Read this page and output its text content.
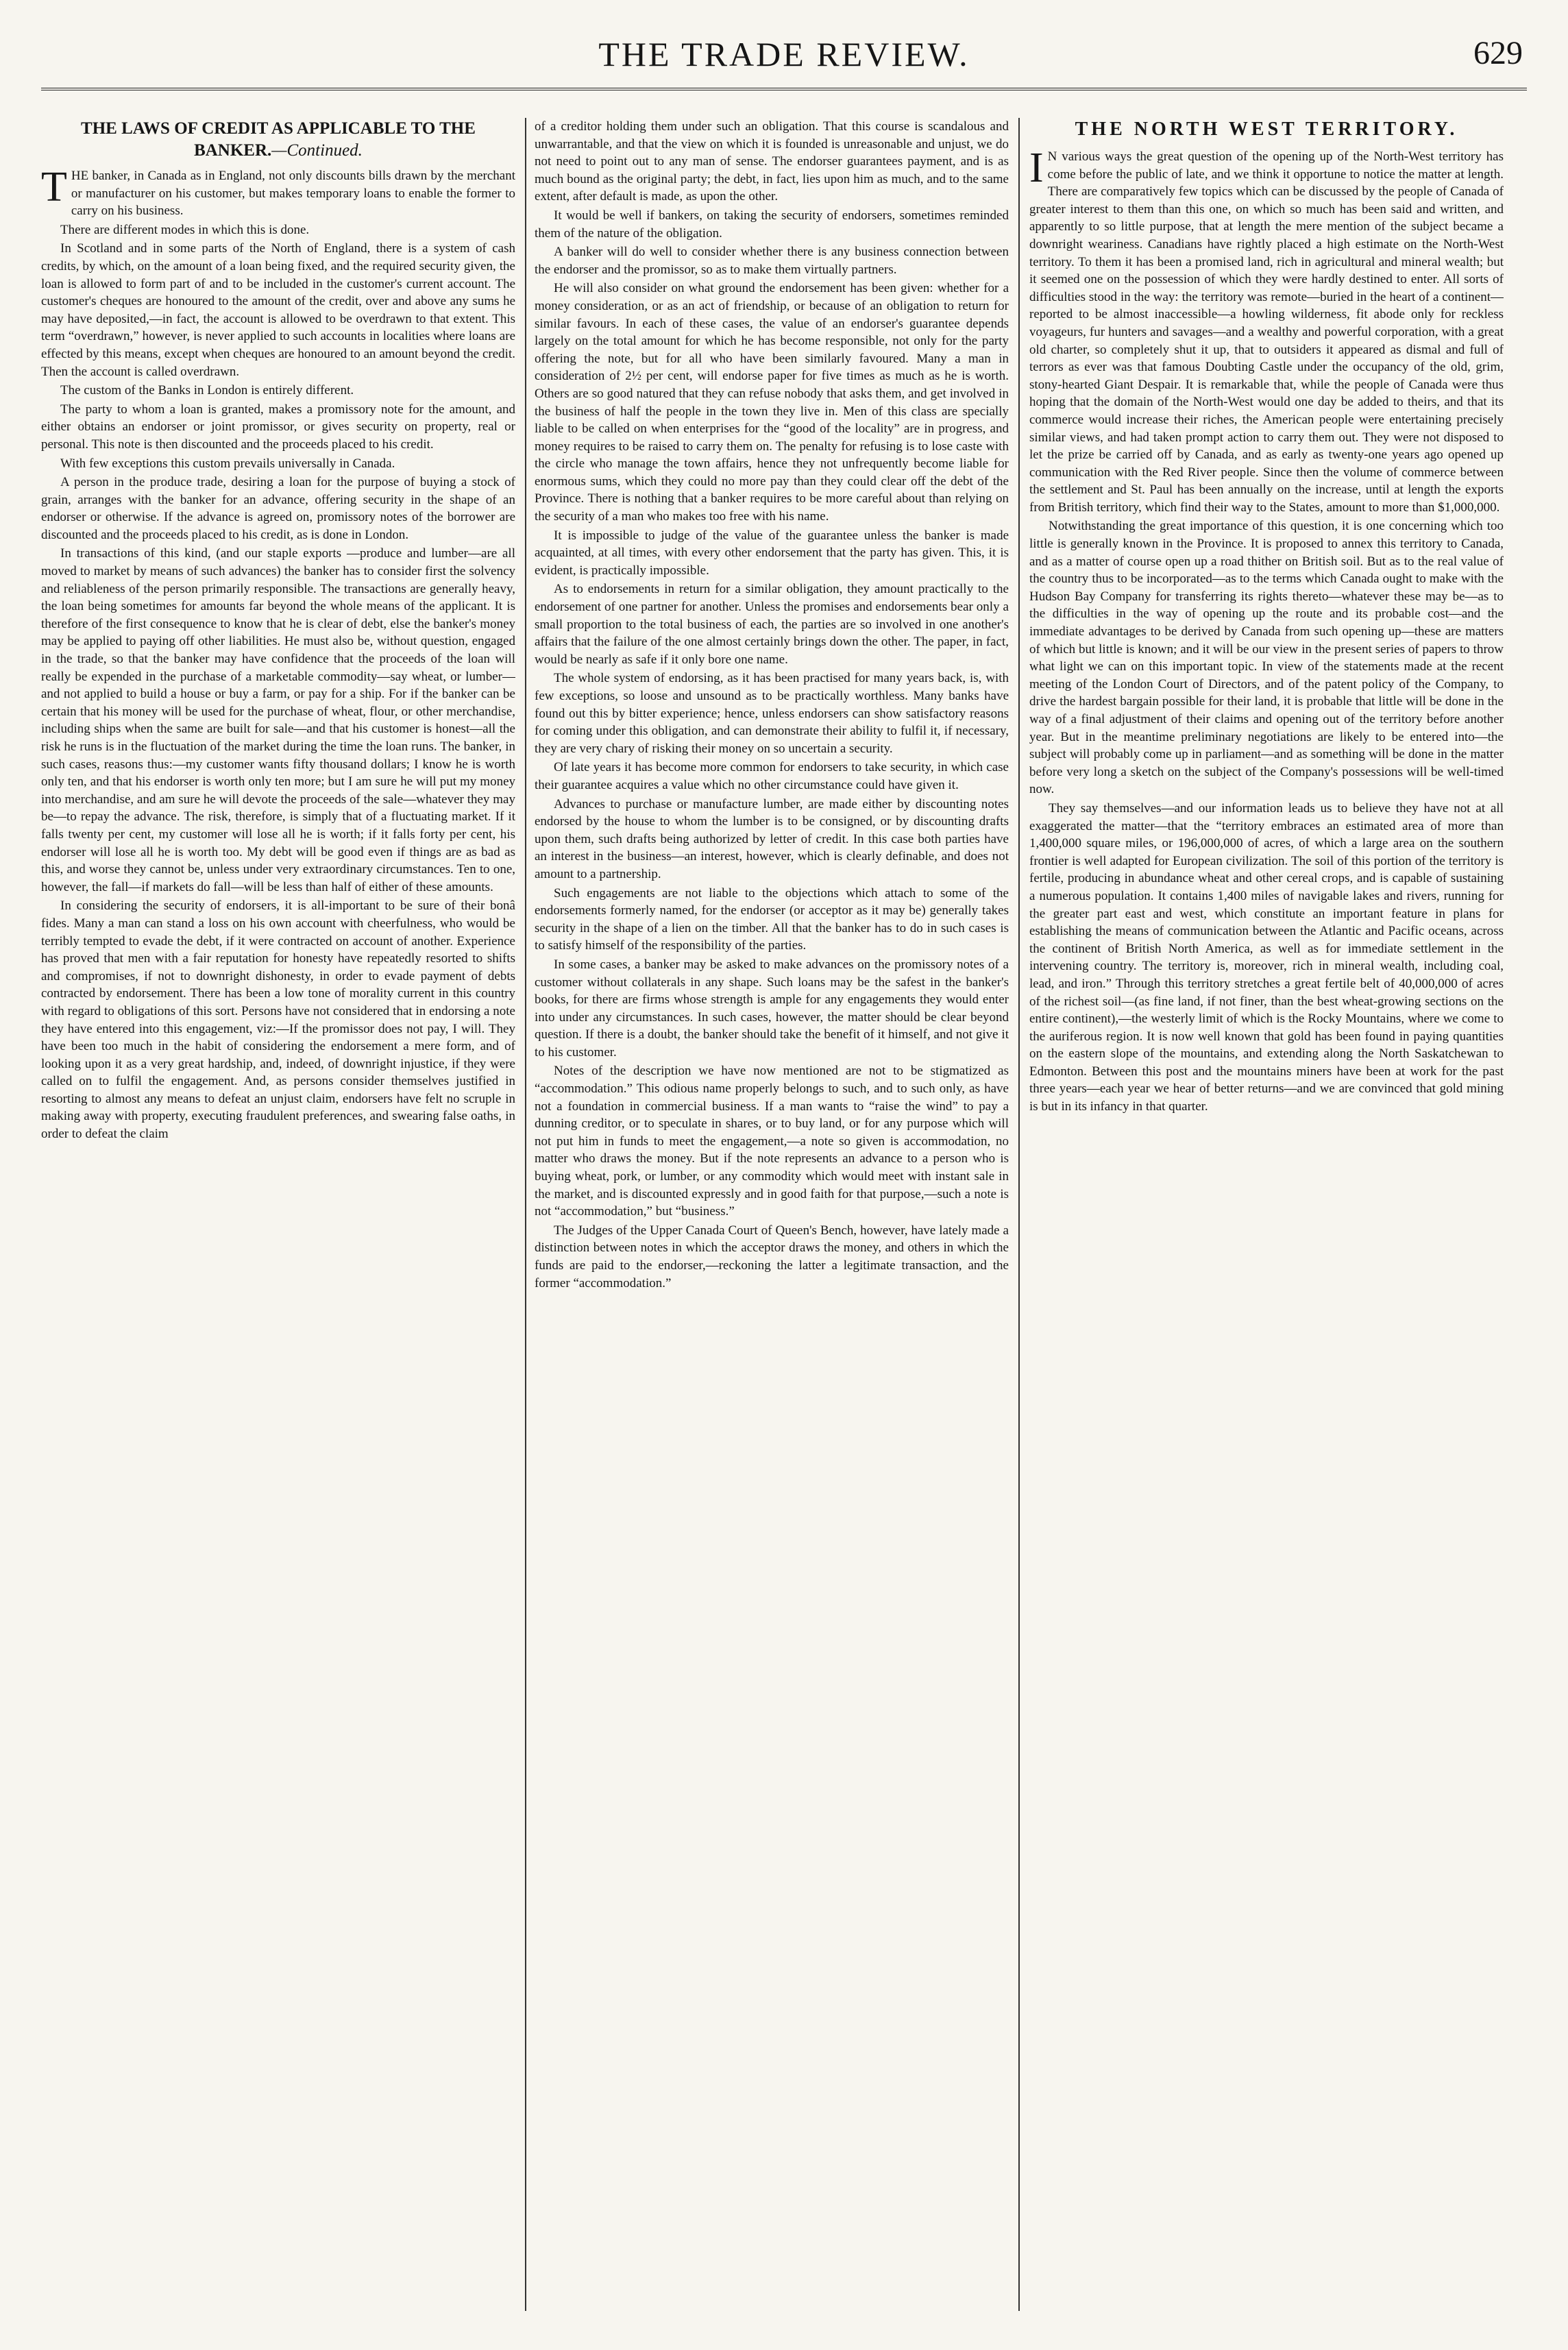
THE TRADE REVIEW.	629
THE LAWS OF CREDIT AS APPLICABLE TO THE BANKER.—Continued.

THE banker, in Canada as in England, not only discounts bills drawn by the merchant or manufacturer on his customer, but makes temporary loans to enable the former to carry on his business.

There are different modes in which this is done.

In Scotland and in some parts of the North of England, there is a system of cash credits, by which, on the amount of a loan being fixed, and the required security given, the loan is allowed to form part of and to be included in the customer's current account. The customer's cheques are honoured to the amount of the credit, over and above any sums he may have deposited,—in fact, the account is allowed to be overdrawn to that extent. This term “overdrawn,” however, is never applied to such accounts in localities where loans are effected by this means, except when cheques are honoured to an amount beyond the credit. Then the account is called overdrawn.

The custom of the Banks in London is entirely different.

The party to whom a loan is granted, makes a promissory note for the amount, and either obtains an endorser or joint promissor, or gives security on property, real or personal. This note is then discounted and the proceeds placed to his credit.

With few exceptions this custom prevails universally in Canada.

A person in the produce trade, desiring a loan for the purpose of buying a stock of grain, arranges with the banker for an advance, offering security in the shape of an endorser or otherwise. If the advance is agreed on, promissory notes of the borrower are discounted and the proceeds placed to his credit, as is done in London.

In transactions of this kind, (and our staple exports —produce and lumber—are all moved to market by means of such advances) the banker has to consider first the solvency and reliableness of the person primarily responsible. The transactions are generally heavy, the loan being sometimes for amounts far beyond the whole means of the applicant. It is therefore of the first consequence to know that he is clear of debt, else the banker's money may be applied to paying off other liabilities. He must also be, without question, engaged in the trade, so that the banker may have confidence that the proceeds of the loan will really be expended in the purchase of a marketable commodity—say wheat, or lumber—and not applied to build a house or buy a farm, or pay for a ship. For if the banker can be certain that his money will be used for the purchase of wheat, flour, or other merchandise, including ships when the same are built for sale—and that his customer is honest—all the risk he runs is in the fluctuation of the market during the time the loan runs. The banker, in such cases, reasons thus:—my customer wants fifty thousand dollars; I know he is worth only ten, and that his endorser is worth only ten more; but I am sure he will put my money into merchandise, and am sure he will devote the proceeds of the sale—whatever they may be—to repay the advance. The risk, therefore, is simply that of a fluctuating market. If it falls twenty per cent, my customer will lose all he is worth; if it falls forty per cent, his endorser will lose all he is worth too. My debt will be good even if things are as bad as this, and worse they cannot be, unless under very extraordinary circumstances. Ten to one, however, the fall—if markets do fall—will be less than half of either of these amounts.

In considering the security of endorsers, it is all-important to be sure of their bonâ fides. Many a man can stand a loss on his own account with cheerfulness, who would be terribly tempted to evade the debt, if it were contracted on account of another. Experience has proved that men with a fair reputation for honesty have repeatedly resorted to shifts and compromises, if not to downright dishonesty, in order to evade payment of debts contracted by endorsement. There has been a low tone of morality current in this country with regard to obligations of this sort. Persons have not considered that in endorsing a note they have entered into this engagement, viz:—If the promissor does not pay, I will. They have been too much in the habit of considering the endorsement a mere form, and of looking upon it as a very great hardship, and, indeed, of downright injustice, if they were called on to fulfil the engagement. And, as persons consider themselves justified in resorting to almost any means to defeat an unjust claim, endorsers have felt no scruple in making away with property, executing fraudulent preferences, and swearing false oaths, in order to defeat the claim

of a creditor holding them under such an obligation. That this course is scandalous and unwarrantable, and that the view on which it is founded is unreasonable and unjust, we do not need to point out to any man of sense. The endorser guarantees payment, and is as much bound as the original party; the debt, in fact, lies upon him as much, and to the same extent, after default is made, as upon the other.

It would be well if bankers, on taking the security of endorsers, sometimes reminded them of the nature of the obligation.

A banker will do well to consider whether there is any business connection between the endorser and the promissor, so as to make them virtually partners.

He will also consider on what ground the endorsement has been given: whether for a money consideration, or as an act of friendship, or because of an obligation to return for similar favours. In each of these cases, the value of an endorser's guarantee depends largely on the total amount for which he has become responsible, not only for the party offering the note, but for all who have been similarly favoured. Many a man in consideration of 2½ per cent, will endorse paper for five times as much as he is worth. Others are so good natured that they can refuse nobody that asks them, and get involved in the business of half the people in the town they live in. Men of this class are specially liable to be called on when enterprises for the “good of the locality” are in progress, and money requires to be raised to carry them on. The penalty for refusing is to lose caste with the circle who manage the town affairs, hence they not unfrequently become liable for enormous sums, which they could no more pay than they could clear off the debt of the Province. There is nothing that a banker requires to be more careful about than relying on the security of a man who makes too free with his name.

It is impossible to judge of the value of the guarantee unless the banker is made acquainted, at all times, with every other endorsement that the party has given. This, it is evident, is practically impossible.

As to endorsements in return for a similar obligation, they amount practically to the endorsement of one partner for another. Unless the promises and endorsements bear only a small proportion to the total business of each, the parties are so involved in one another's affairs that the failure of the one almost certainly brings down the other. The paper, in fact, would be nearly as safe if it only bore one name.

The whole system of endorsing, as it has been practised for many years back, is, with few exceptions, so loose and unsound as to be practically worthless. Many banks have found out this by bitter experience; hence, unless endorsers can show satisfactory reasons for coming under this obligation, and can demonstrate their ability to fulfil it, if necessary, they are very chary of risking their money on so uncertain a security.

Of late years it has become more common for endorsers to take security, in which case their guarantee acquires a value which no other circumstance could have given it.

Advances to purchase or manufacture lumber, are made either by discounting notes endorsed by the house to whom the lumber is to be consigned, or by discounting drafts upon them, such drafts being authorized by letter of credit. In this case both parties have an interest in the business—an interest, however, which is clearly definable, and does not amount to a partnership.

Such engagements are not liable to the objections which attach to some of the endorsements formerly named, for the endorser (or acceptor as it may be) generally takes security in the shape of a lien on the timber. All that the banker has to do in such cases is to satisfy himself of the responsibility of the parties.

In some cases, a banker may be asked to make advances on the promissory notes of a customer without collaterals in any shape. Such loans may be the safest in the banker's books, for there are firms whose strength is ample for any engagements they would enter into under any circumstances. In such cases, however, the matter should be clear beyond question. If there is a doubt, the banker should take the benefit of it himself, and not give it to his customer.

Notes of the description we have now mentioned are not to be stigmatized as “accommodation.” This odious name properly belongs to such, and to such only, as have not a foundation in commercial business. If a man wants to “raise the wind” to pay a dunning creditor, or to speculate in shares, or to buy land, or for any purpose which will not put him in funds to meet the engagement,—a note so given is accommodation, no matter who draws the money. But if the note represents an advance to a person who is buying wheat, pork, or lumber, or any commodity which would meet with instant sale in the market, and is discounted expressly and in good faith for that purpose,—such a note is not “accommodation,” but “business.”

The Judges of the Upper Canada Court of Queen's Bench, however, have lately made a distinction between notes in which the acceptor draws the money, and others in which the funds are paid to the endorser,—reckoning the latter a legitimate transaction, and the former “accommodation.”

THE NORTH WEST TERRITORY.

I N various ways the great question of the opening up of the North-West territory has come before the public of late, and we think it opportune to notice the matter at length. There are comparatively few topics which can be discussed by the people of Canada of greater interest to them than this one, on which so much has been said and written, and apparently to so little purpose, that at length the mere mention of the subject became a downright weariness. Canadians have rightly placed a high estimate on the North-West territory. To them it has been a promised land, rich in agricultural and mineral wealth; but it seemed one on the possession of which they were hardly destined to enter. All sorts of difficulties stood in the way: the territory was remote—buried in the heart of a continent—reported to be almost inaccessible—a howling wilderness, fit abode only for reckless voyageurs, fur hunters and savages—and a wealthy and powerful corporation, with a great old charter, so completely shut it up, that to outsiders it appeared as dismal and full of terrors as ever was that famous Doubting Castle under the occupancy of the old, grim, stony-hearted Giant Despair. It is remarkable that, while the people of Canada were thus hoping that the domain of the North-West would one day be added to theirs, and that its commerce would increase their riches, the American people were entertaining precisely similar views, and had taken prompt action to carry them out. They were not disposed to let the prize be carried off by Canada, and as early as twenty-one years ago opened up communication with the Red River people. Since then the volume of commerce between the settlement and St. Paul has been annually on the increase, until at length the exports from British territory, which find their way to the States, amount to more than $1,000,000.

Notwithstanding the great importance of this question, it is one concerning which too little is generally known in the Province. It is proposed to annex this territory to Canada, and as a matter of course open up a road thither on British soil. But as to the real value of the country thus to be incorporated—as to the terms which Canada ought to make with the Hudson Bay Company for transferring its rights thereto—whatever these may be—as to the difficulties in the way of opening up the route and its probable cost—and the immediate advantages to be derived by Canada from such opening up—these are matters of which but little is known; and it will be our view in the present series of papers to throw what light we can on this important topic. In view of the statements made at the recent meeting of the London Court of Directors, and of the patent policy of the Company, to drive the hardest bargain possible for their land, it is probable that little will be done in the way of a final adjustment of their claims and opening out of the territory before another year. But in the meantime preliminary negotiations are likely to be entered into—the subject will probably come up in parliament—and as something will be done in the matter before very long a sketch on the subject of the Company's possessions will be well-timed now.

They say themselves—and our information leads us to believe they have not at all exaggerated the matter—that the “territory embraces an estimated area of more than 1,400,000 square miles, or 196,000,000 of acres, of which a large area on the southern frontier is well adapted for European civilization. The soil of this portion of the territory is fertile, producing in abundance wheat and other cereal crops, and is capable of sustaining a numerous population. It contains 1,400 miles of navigable lakes and rivers, running for the greater part east and west, which constitute an important feature in plans for establishing the means of communication between the Atlantic and Pacific oceans, across the continent of British North America, as well as for immediate settlement in the intervening country. The territory is, moreover, rich in mineral wealth, including coal, lead, and iron.” Through this territory stretches a great fertile belt of 40,000,000 of acres of the richest soil—(as fine land, if not finer, than the best wheat-growing sections on the entire continent),—the westerly limit of which is the Rocky Mountains, where we come to the auriferous region. It is now well known that gold has been found in paying quantities on the eastern slope of the mountains, and extending along the North Saskatchewan to Edmonton. Between this post and the mountains miners have been at work for the past three years—each year we hear of better returns—and we are convinced that gold mining is but in its infancy in that quarter.
